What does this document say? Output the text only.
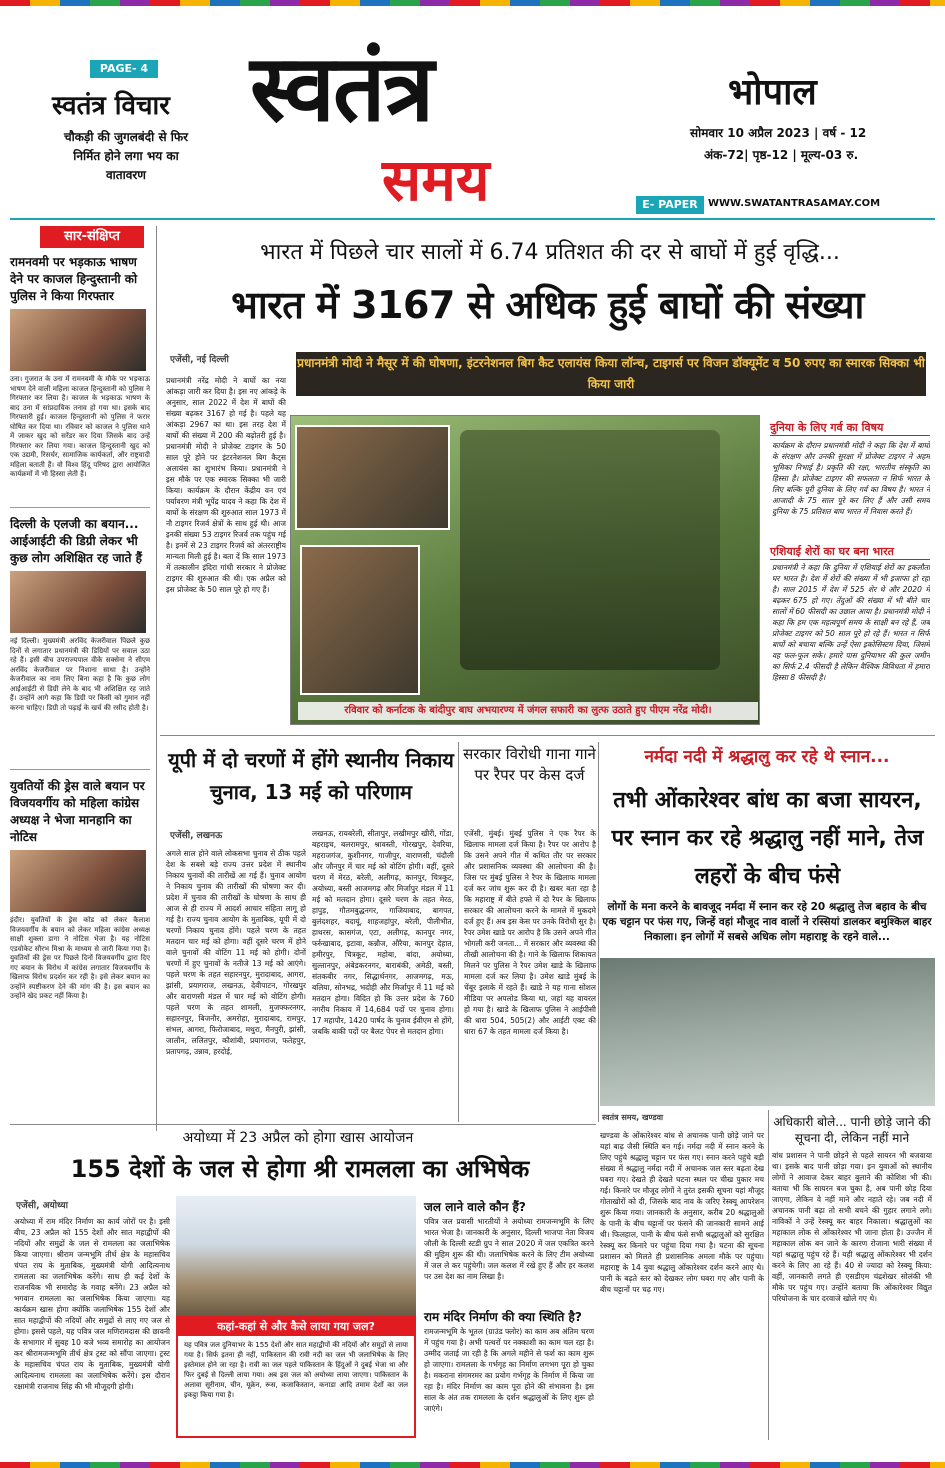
PAGE- 4
स्वतंत्र विचार
चौकड़ी की जुगलबंदी से फिर निर्मित होने लगा भय का वातावरण
स्वतंत्र
समय
भोपाल
सोमवार 10 अप्रैल 2023 | वर्ष - 12
अंक-72| पृष्ठ-12 | मूल्य-03 रु.
E- PAPER	WWW.SWATANTRASAMAY.COM
सार-संक्षिप्त
रामनवमी पर भड़काऊ भाषण देने पर काजल हिन्दुस्तानी को पुलिस ने किया गिरफ्तार
उना। गुजरात के उना में रामनवमी के मौके पर भड़काऊ भाषण देने वाली महिला काजल हिन्दुस्तानी को पुलिस ने गिरफ्तार कर लिया है। काजल के भड़काऊ भाषण के बाद उना में सांप्रदायिक तनाव हो गया था। इसके बाद गिरफ्तारी हुई। काजल हिन्दुस्तानी को पुलिस ने फरार घोषित कर दिया था। रविवार को काजल ने पुलिस थाने में जाकर खुद को सरेंडर कर दिया जिसके बाद उन्हें गिरफ्तार कर लिया गया। काजल हिन्दुस्तानी खुद को एक उद्यमी, रिसर्चर, सामाजिक कार्यकर्ता, और राष्ट्रवादी महिला बताती हैं। वो विश्व हिंदू परिषद द्वारा आयोजित कार्यक्रमों में भी हिस्सा लेती हैं।
दिल्ली के एलजी का बयान... आईआईटी की डिग्री लेकर भी कुछ लोग अशिक्षित रह जाते हैं
नई दिल्ली। मुख्यमंत्री अरविंद केजरीवाल पिछले कुछ दिनों से लगातार प्रधानमंत्री की डिग्रियों पर सवाल उठा रहे हैं। इसी बीच उपराज्यपाल वीके सक्सेना ने सीएम अरविंद केजरीवाल पर निशाना साधा है। उन्होंने केजरीवाल का नाम लिए बिना कहा है कि कुछ लोग आईआईटी से डिग्री लेने के बाद भी अशिक्षित रह जाते हैं। उन्होंने आगे कहा कि डिग्री पर किसी को गुमान नहीं करना चाहिए। डिग्री तो पढ़ाई के खर्च की रसीद होती है।
युवतियों की ड्रेस वाले बयान पर विजयवर्गीय को महिला कांग्रेस अध्यक्ष ने भेजा मानहानि का नोटिस
इंदौर। युवतियों के ड्रेस कोड को लेकर कैलाश विजयवर्गीय के बयान को लेकर महिला कांग्रेस अध्यक्ष साक्षी शुक्ला डागा ने नोटिस भेजा है। यह नोटिस एडवोकेट सौरभ मिश्रा के माध्यम से जारी किया गया है। युवतियों की ड्रेस पर पिछले दिनों विजयवर्गीय द्वारा दिए गए बयान के विरोध में कांग्रेस लगातार विजयवर्गीय के खिलाफ विरोध प्रदर्शन कर रही है। इसे लेकर बयान का उन्होंने स्पष्टीकरण देने की मांग की है। इस बयान का उन्होंने खेद प्रकट नहीं किया है।
भारत में पिछले चार सालों में 6.74 प्रतिशत की दर से बाघों में हुई वृद्धि...
भारत में 3167 से अधिक हुई बाघों की संख्या
प्रधानमंत्री मोदी ने मैसूर में की घोषणा, इंटरनेशनल बिग कैट एलायंस किया लॉन्च, टाइगर्स पर विजन डॉक्यूमेंट व 50 रुपए का स्मारक सिक्का भी किया जारी
एजेंसी, नई दिल्ली
प्रधानमंत्री नरेंद्र मोदी ने बाघों का नया आंकड़ा जारी कर दिया है। इस नए आंकड़े के अनुसार, साल 2022 में देश में बाघों की संख्या बढ़कर 3167 हो गई है। पहले यह आंकड़ा 2967 का था। इस तरह देश में बाघों की संख्या में 200 की बढ़ोतरी हुई है। प्रधानमंत्री मोदी ने प्रोजेक्ट टाइगर के 50 साल पूरे होने पर इंटरनेशनल बिग कैट्स अलायंस का शुभारंभ किया। प्रधानमंत्री ने इस मौके पर एक स्मारक सिक्का भी जारी किया। कार्यक्रम के दौरान केंद्रीय वन एवं पर्यावरण मंत्री भूपेंद्र यादव ने कहा कि देश में बाघों के संरक्षण की शुरुआत साल 1973 में नौ टाइगर रिजर्व क्षेत्रों के साथ हुई थी। आज इनकी संख्या 53 टाइगर रिजर्व तक पहुंच गई है। इनमें से 23 टाइगर रिजर्व को अंतरराष्ट्रीय मान्यता मिली हुई है। बता दें कि साल 1973 में तत्कालीन इंदिरा गांधी सरकार ने प्रोजेक्ट टाइगर की शुरुआत की थी। एक अप्रैल को इस प्रोजेक्ट के 50 साल पूरे हो गए हैं।
रविवार को कर्नाटक के बांदीपुर बाघ अभयारण्य में जंगल सफारी का लुत्फ उठाते हुए पीएम नरेंद्र मोदी।
दुनिया के लिए गर्व का विषय
कार्यक्रम के दौरान प्रधानमंत्री मोदी ने कहा कि देश में बाघों के संरक्षण और उनकी सुरक्षा में प्रोजेक्ट टाइगर ने अहम भूमिका निभाई है। प्रकृति की रक्षा, भारतीय संस्कृति का हिस्सा है। प्रोजेक्ट टाइगर की सफलता न सिर्फ भारत के लिए बल्कि पूरी दुनिया के लिए गर्व का विषय है। भारत ने आजादी के 75 साल पूरे कर लिए हैं और उसी समय दुनिया के 75 प्रतिशत बाघ भारत में निवास करते हैं।
एशियाई शेरों का घर बना भारत
प्रधानमंत्री ने कहा कि दुनिया में एशियाई शेरों का इकलौता घर भारत है। देश में शेरों की संख्या में भी इजाफा हो रहा है। साल 2015 में देश में 525 शेर थे और 2020 में बढ़कर 675 हो गए। तेंदुओं की संख्या में भी बीते चार सालों में 60 फीसदी का उछाल आया है। प्रधानमंत्री मोदी ने कहा कि हम एक महत्वपूर्ण समय के साक्षी बन रहे हैं, जब प्रोजेक्ट टाइगर को 50 साल पूरे हो रहे हैं। भारत न सिर्फ बाघों को बचाया बल्कि उन्हें ऐसा इकोसिस्टम दिया, जिसमें वह फल-फूल सके। हमारे पास दुनियाभर की कुल जमीन का सिर्फ 2.4 फीसदी है लेकिन वैश्विक विविधता में हमारा हिस्सा 8 फीसदी है।
यूपी में दो चरणों में होंगे स्थानीय निकाय चुनाव, 13 मई को परिणाम
एजेंसी, लखनऊ
अगले साल होने वाले लोकसभा चुनाव से ठीक पहले देश के सबसे बड़े राज्य उत्तर प्रदेश में स्थानीय निकाय चुनावों की तारीखें आ गई हैं। चुनाव आयोग ने निकाय चुनाव की तारीखों की घोषणा कर दी। प्रदेश में चुनाव की तारीखों के घोषणा के साथ ही आज से ही राज्य में आदर्श आचार संहिता लागू हो गई है। राज्य चुनाव आयोग के मुताबिक, यूपी में दो चरणों निकाय चुनाव होंगे। पहले चरण के तहत मतदान चार मई को होगा। वहीं दूसरे चरण में होने वाले चुनावों की वोटिंग 11 मई को होगी। दोनों चरणों में हुए चुनावों के नतीजे 13 मई को आएंगे। पहले चरण के तहत सहारनपुर, मुरादाबाद, आगरा, झांसी, प्रयागराज, लखनऊ, देवीपाटन, गोरखपुर और वाराणसी मंडल में चार मई को वोटिंग होगी। पहले चरण के तहत शामली, मुजफ्फरनगर, सहारनपुर, बिजनौर, अमरोहा, मुरादाबाद, रामपुर, संभल, आगरा, फिरोजाबाद, मथुरा, मैनपुरी, झांसी, जालौन, ललितपुर, कौशांबी, प्रयागराज, फतेहपुर, प्रतापगढ़, उन्नाव, हरदोई,
लखनऊ, रायबरेली, सीतापुर, लखीमपुर खीरी, गोंडा, बहराइच, बलरामपुर, श्रावस्ती, गोरखपुर, देवरिया, महराजगंज, कुशीनगर, गाजीपुर, वाराणसी, चंदौली और जौनपुर में चार मई को वोटिंग होगी। वहीं, दूसरे चरण में मेरठ, बरेली, अलीगढ़, कानपुर, चित्रकूट, अयोध्या, बस्ती आजमगढ़ और मिर्जापुर मंडल में 11 मई को मतदान होगा। दूसरे चरण के तहत मेरठ, हापुड़, गौतमबुद्धनगर, गाजियाबाद, बागपत, बुलंदशहर, बदायूं, शाहजहांपुर, बरेली, पीलीभीत, हाथरस, कासगंज, एटा, अलीगढ़, कानपुर नगर, फर्रुखाबाद, इटावा, कन्नौज, औरैया, कानपुर देहात, हमीरपुर, चित्रकूट, महोबा, बांदा, अयोध्या, सुल्तानपुर, अंबेडकरनगर, बाराबंकी, अमेठी, बस्ती, संतकबीर नगर, सिद्धार्थनगर, आजमगढ़, मऊ, बलिया, सोनभद्र, भदोही और मिर्जापुर में 11 मई को मतदान होगा। विदित हो कि उत्तर प्रदेश के 760 नगरीय निकाय में 14,684 पदों पर चुनाव होगा। 17 महापौर, 1420 पार्षद के चुनाव ईवीएम से होंगे, जबकि बाकी पदों पर बैलट पेपर से मतदान होगा।
सरकार विरोधी गाना गाने पर रैपर पर केस दर्ज
एजेंसी, मुंबई। मुंबई पुलिस ने एक रैपर के खिलाफ मामला दर्ज किया है। रैपर पर आरोप है कि उसने अपने गीत में कथित तौर पर सरकार और प्रशासनिक व्यवस्था की आलोचना की है। जिस पर मुंबई पुलिस ने रैपर के खिलाफ मामला दर्ज कर जांच शुरू कर दी है। खबर बता रहा है कि महाराष्ट्र में बीते हफ्ते में दो रैपर के खिलाफ सरकार की आलोचना करने के मामले में मुकदमे दर्ज हुए हैं। अब इस केस पर उनके विरोधी सुर है। रैपर उमेश खाडे पर आरोप है कि उसने अपने गीत भोगली करी जनता... में सरकार और व्यवस्था की तीखी आलोचना की है। गाने के खिलाफ शिकायत मिलने पर पुलिस ने रैपर उमेश खाडे के खिलाफ मामला दर्ज कर लिया है। उमेश खाडे मुंबई के चेंबूर इलाके में रहते हैं। खाडे ने यह गाना सोशल मीडिया पर अपलोड किया था, जहां यह वायरल हो गया है। खाडे के खिलाफ पुलिस ने आईपीसी की धारा 504, 505(2) और आईटी एक्ट की धारा 67 के तहत मामला दर्ज किया है।
नर्मदा नदी में श्रद्धालु कर रहे थे स्नान...
तभी ओंकारेश्वर बांध का बजा सायरन, पर स्नान कर रहे श्रद्धालु नहीं माने, तेज लहरों के बीच फंसे
लोगों के मना करने के बावजूद नर्मदा में स्नान कर रहे 20 श्रद्धालु तेज बहाव के बीच एक चट्टान पर फंस गए, जिन्हें वहां मौजूद नाव वालों ने रस्सियां डालकर बमुश्किल बाहर निकाला। इन लोगों में सबसे अधिक लोग महाराष्ट्र के रहने वाले...
स्वतंत्र समय, खण्डवा
खण्डवा के ओंकारेश्वर बांध से अचानक पानी छोड़े जाने पर यहां बाढ़ जैसी स्थिति बन गई। नर्मदा नदी में स्नान करने के लिए पहुंचे श्रद्धालु चट्टान पर फंस गए। स्नान करने पहुंचे बड़ी संख्या में श्रद्धालु नर्मदा नदी में अचानक जल स्तर बढ़ता देख घबरा गए। देखते ही देखते घटना स्थल पर चीख पुकार मच गई। किनारे पर मौजूद लोगों ने तुरंत इसकी सूचना यहां मौजूद गोताखोरों को दी, जिसके बाद नाव के जरिए रेस्क्यू आपरेशन शुरू किया गया। जानकारी के अनुसार, करीब 20 श्रद्धालुओं के पानी के बीच चट्टानों पर फंसने की जानकारी सामने आई थी। फिलहाल, पानी के बीच फंसे सभी श्रद्धालुओं को सुरक्षित रेस्क्यू कर किनारे पर पहुंचा दिया गया है। घटना की सूचना प्रशासन को मिलते ही प्रशासनिक अमला मौके पर पहुंचा। महाराष्ट्र के 14 युवा श्रद्धालु ओंकारेश्वर दर्शन करने आए थे। पानी के बढ़ते स्तर को देखकर लोग घबरा गए और पानी के बीच चट्टानों पर चढ़ गए।
अधिकारी बोले... पानी छोड़े जाने की सूचना दी, लेकिन नहीं माने
बांध प्रशासन ने पानी छोड़ने से पहले सायरन भी बजवाया था। इसके बाद पानी छोड़ा गया। इन युवाओं को स्थानीय लोगों ने आवाज देकर बाहर बुलाने की कोशिश भी की। बताया भी कि सायरन बज चुका है, अब पानी छोड़ दिया जाएगा, लेकिन वे नहीं माने और नहाते रहे। जब नदी में अचानक पानी बढ़ा तो सभी बचने की गुहार लगाने लगे। नाविकों ने उन्हें रेस्क्यू कर बाहर निकाला। श्रद्धालुओं का महाकाल लोक से ओंकारेश्वर भी जाना होता है। उज्जैन में महाकाल लोक बन जाने के कारण रोजाना भारी संख्या में यहां श्रद्धालु पहुंच रहे हैं। यही श्रद्धालु ओंकारेश्वर भी दर्शन करने के लिए आ रहे हैं। 40 से ज्यादा को रेस्क्यू किया: वहीं, जानकारी लगते ही एसडीएम चंद्रशेखर सोलंकी भी मौके पर पहुंच गए। उन्होंने बताया कि ओंकारेश्वर विद्युत परियोजना के चार दरवाजे खोले गए थे।
अयोध्या में 23 अप्रैल को होगा खास आयोजन
155 देशों के जल से होगा श्री रामलला का अभिषेक
एजेंसी, अयोध्या
अयोध्या में राम मंदिर निर्माण का कार्य जोरों पर है। इसी बीच, 23 अप्रैल को 155 देशों और सात महाद्वीपों की नदियों और समुद्रों के जल से रामलला का जलाभिषेक किया जाएगा। श्रीराम जन्मभूमि तीर्थ क्षेत्र के महासचिव चंपत राय के मुताबिक, मुख्यमंत्री योगी आदित्यनाथ रामलला का जलाभिषेक करेंगे। साथ ही कई देशों के राजनयिक भी समारोह के गवाह बनेंगे। 23 अप्रैल को भगवान रामलला का जलाभिषेक किया जाएगा। यह कार्यक्रम खास होगा क्योंकि जलाभिषेक 155 देशों और सात महाद्वीपों की नदियों और समुद्रों से लाए गए जल से होगा। इससे पहले, यह पवित्र जल मणिरामदास की छावनी के सभागार में सुबह 10 बजे भव्य समारोह का आयोजन कर श्रीरामजन्मभूमि तीर्थ क्षेत्र ट्रस्ट को सौंपा जाएगा। ट्रस्ट के महासचिव चंपत राय के मुताबिक, मुख्यमंत्री योगी आदित्यनाथ रामलला का जलाभिषेक करेंगे। इस दौरान रक्षामंत्री राजनाथ सिंह की भी मौजूदगी होगी।
कहां-कहां से और कैसे लाया गया जल?
यह पवित्र जल दुनियाभर के 155 देशों और सात महाद्वीपों की नदियों और समुद्रों से लाया गया है। सिर्फ इतना ही नहीं, पाकिस्तान की रावी नदी का जल भी जलाभिषेक के लिए इस्तेमाल होने जा रहा है। रावी का जल पहले पाकिस्तान के हिंदुओं ने दुबई भेजा था और फिर दुबई से दिल्ली लाया गया। अब इस जल को अयोध्या लाया जाएगा। पाकिस्तान के अलावा सूरीनाम, चीन, यूक्रेन, रूस, कजाकिस्तान, कनाडा आदि तमाम देशों का जल इकट्ठा किया गया है।
जल लाने वाले कौन हैं?
पवित्र जल प्रवासी भारतीयों ने अयोध्या रामजन्मभूमि के लिए भारत भेजा है। जानकारी के अनुसार, दिल्ली भाजपा नेता विजय जौली के दिल्ली स्टडी ग्रुप ने साल 2020 में जल एकत्रित करने की मुहिम शुरू की थी। जलाभिषेक करने के लिए टीम अयोध्या में जल ले कर पहुंचेगी। जल कलश में रखे हुए हैं और हर कलश पर उस देश का नाम लिखा है।
राम मंदिर निर्माण की क्या स्थिति है?
रामजन्मभूमि के भूतल (ग्राउंड फ्लोर) का काम अब अंतिम चरण में पहुंच गया है। अभी पत्थरों पर नक्काशी का काम चल रहा है। उम्मीद जताई जा रही है कि अगले महीने से फर्श का काम शुरू हो जाएगा। रामलला के गर्भगृह का निर्माण लगभग पूरा हो चुका है। मकराना संगमरमर का प्रयोग गर्भगृह के निर्माण में किया जा रहा है। मंदिर निर्माण का काम पूरा होने की संभावना है। इस साल के अंत तक रामलला के दर्शन श्रद्धालुओं के लिए शुरू हो जाएंगे।
